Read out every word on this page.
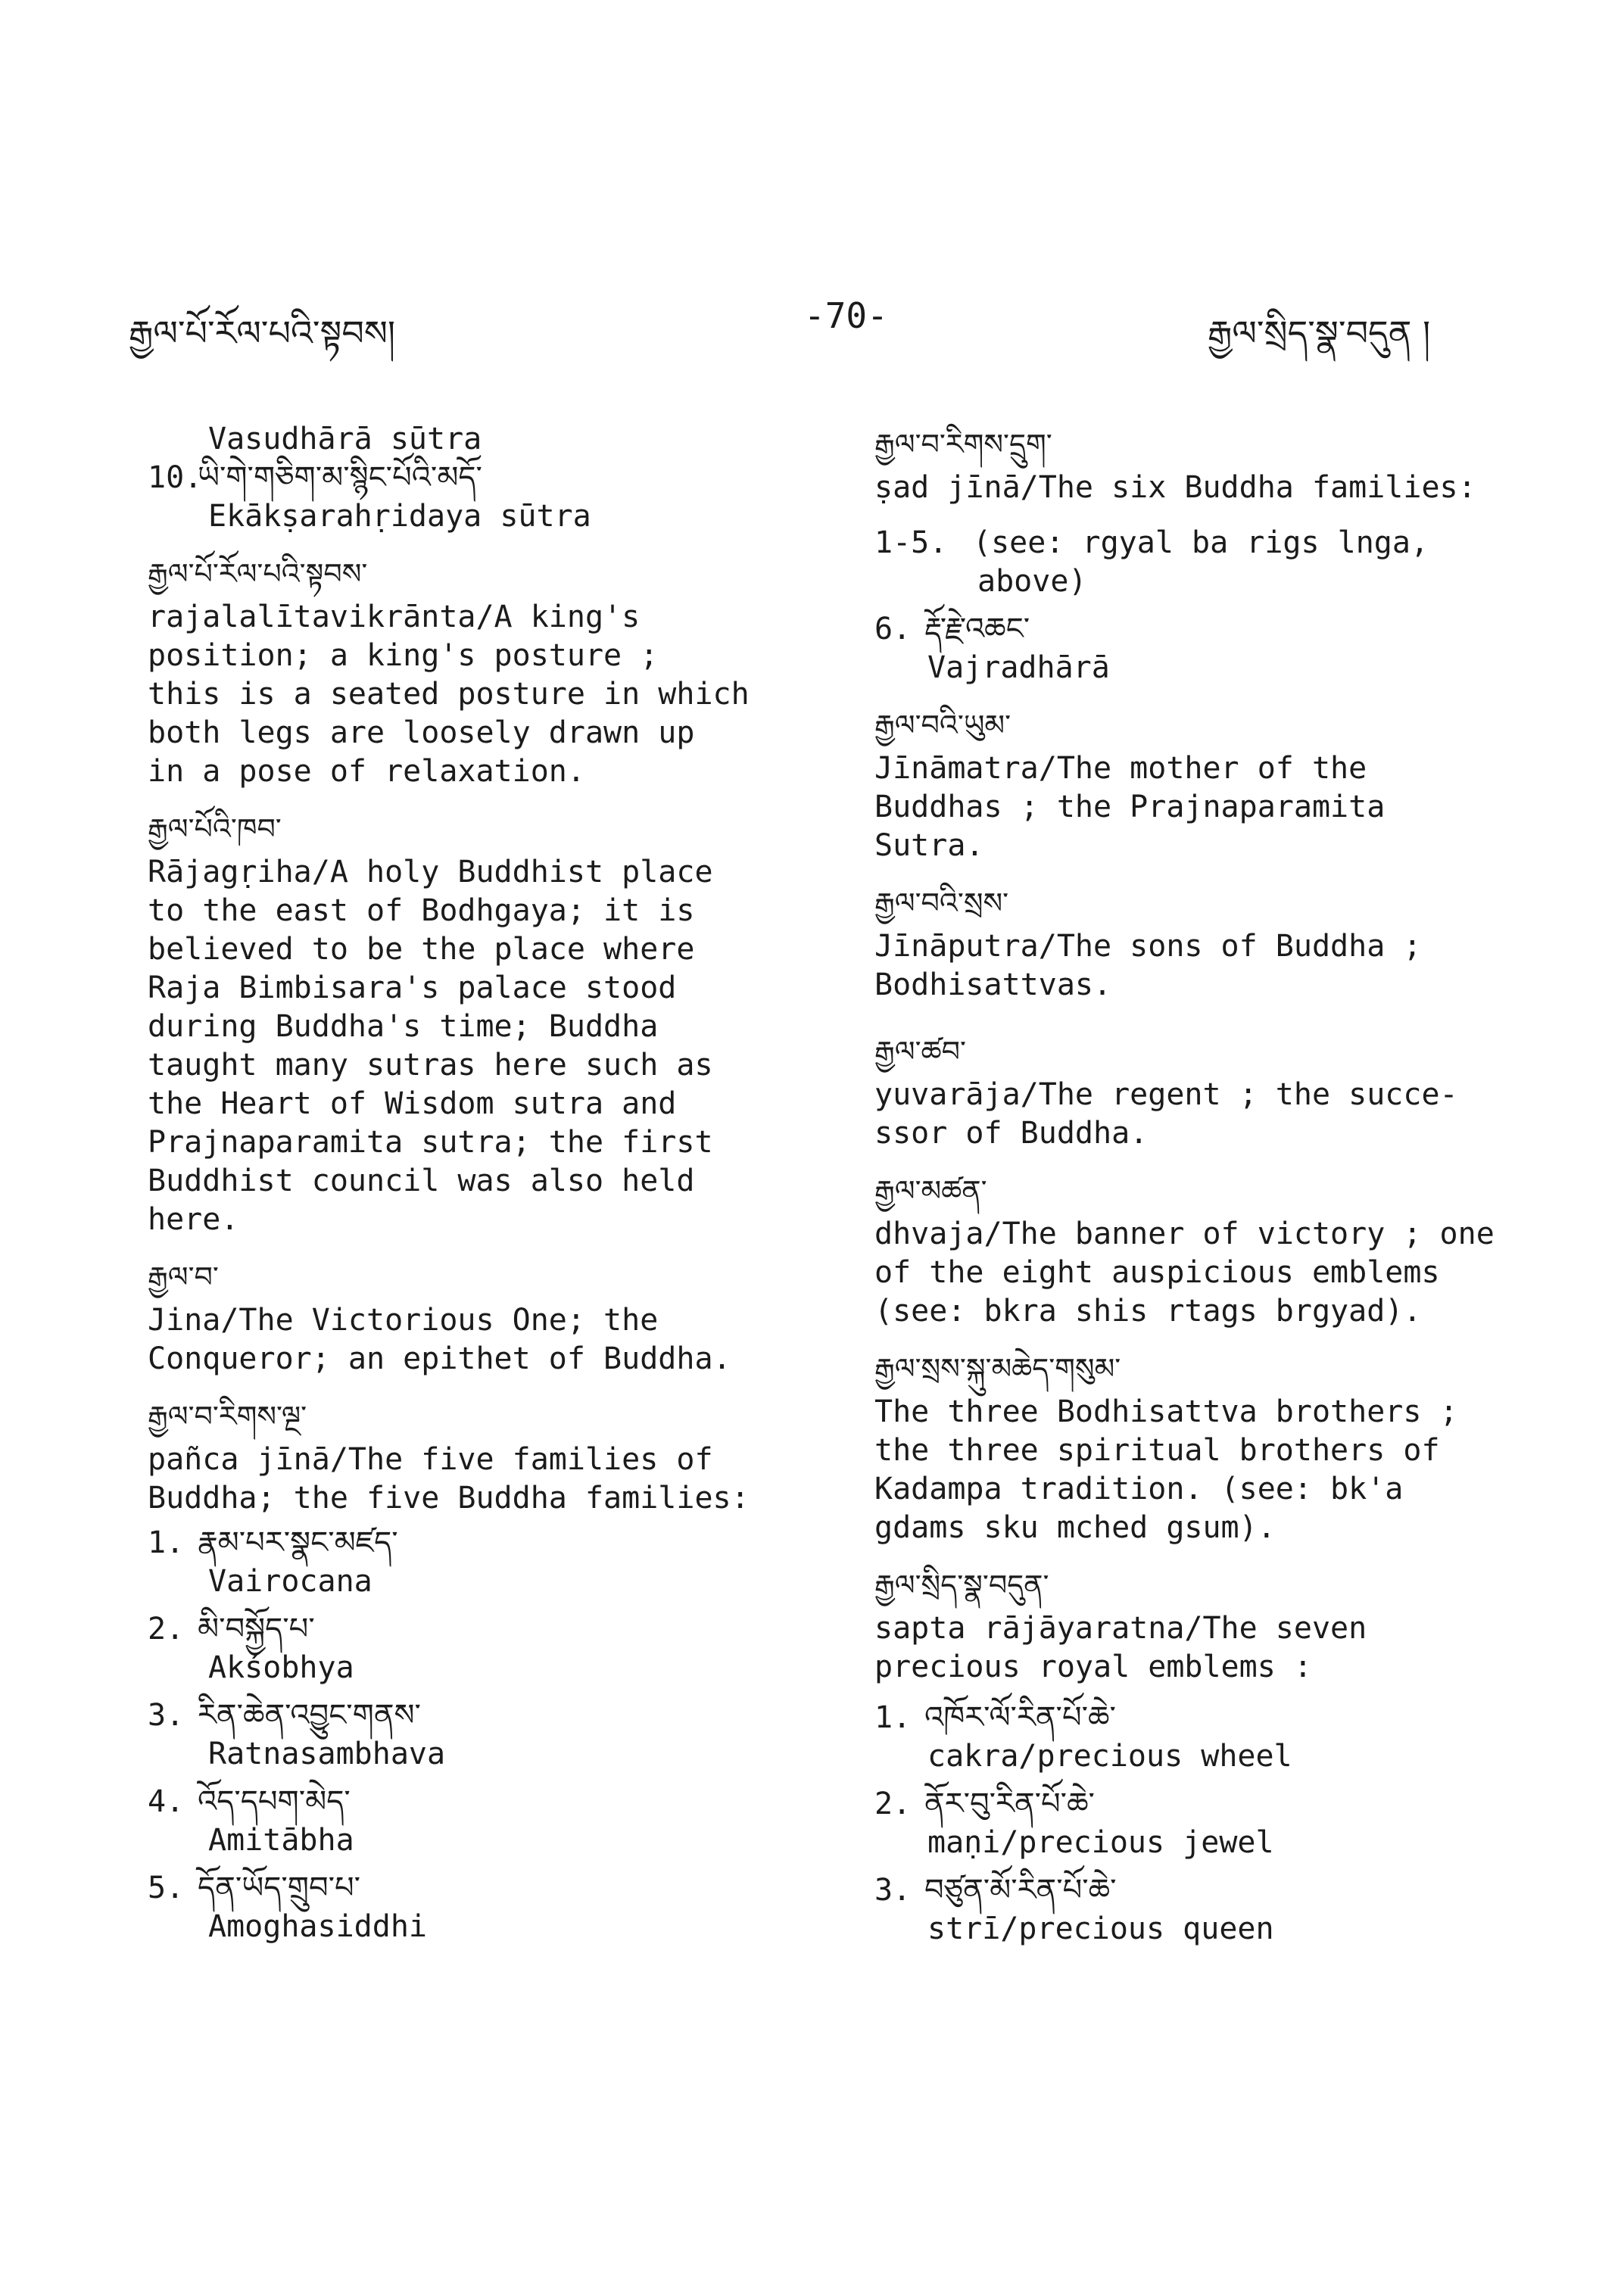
རྒྱལ་པོ་རོལ་པའི་སྟབས།	-70-	རྒྱལ་སྲིད་སྣ་བདུན །
Vasudhārā sūtra
10.ཡི་གེ་གཅིག་མ་སྙིང་པོའི་མདོ་
Ekākṣarahṛidaya sūtra
རྒྱལ་པོ་རོལ་པའི་སྟབས་
rajalalītavikrānta/A king's
position; a king's posture ;
this is a seated posture in which
both legs are loosely drawn up
in a pose of relaxation.
རྒྱལ་པོའི་ཁབ་
Rājagṛiha/A holy Buddhist place
to the east of Bodhgaya; it is
believed to be the place where
Raja Bimbisara's palace stood
during Buddha's time; Buddha
taught many sutras here such as
the Heart of Wisdom sutra and
Prajnaparamita sutra; the first
Buddhist council was also held
here.
རྒྱལ་བ་
Jina/The Victorious One; the
Conqueror; an epithet of Buddha.
རྒྱལ་བ་རིགས་ལྔ་
pañca jīnā/The five families of
Buddha; the five Buddha families:
1. རྣམ་པར་སྣང་མཛད་
Vairocana
2. མི་བསྐྱོད་པ་
Akśobhya
3. རིན་ཆེན་འབྱུང་གནས་
Ratnasambhava
4. འོད་དཔག་མེད་
Amitābha
5. དོན་ཡོད་གྲུབ་པ་
Amoghasiddhi
རྒྱལ་བ་རིགས་དྲུག་
ṣad jīnā/The six Buddha families:
1-5. (see: rgyal ba rigs lnga,
above)
6. རྡོ་རྗེ་འཆང་
Vajradhārā
རྒྱལ་བའི་ཡུམ་
Jīnāmatra/The mother of the
Buddhas ; the Prajnaparamita
Sutra.
རྒྱལ་བའི་སྲས་
Jīnāputra/The sons of Buddha ;
Bodhisattvas.
རྒྱལ་ཚབ་
yuvarāja/The regent ; the succe-
ssor of Buddha.
རྒྱལ་མཚན་
dhvaja/The banner of victory ; one
of the eight auspicious emblems
(see: bkra shis rtags brgyad).
རྒྱལ་སྲས་སྐུ་མཆེད་གསུམ་
The three Bodhisattva brothers ;
the three spiritual brothers of
Kadampa tradition. (see: bk'a
gdams sku mched gsum).
རྒྱལ་སྲིད་སྣ་བདུན་
sapta rājāyaratna/The seven
precious royal emblems :
1. འཁོར་ལོ་རིན་པོ་ཆེ་
cakra/precious wheel
2. ནོར་བུ་རིན་པོ་ཆེ་
maṇi/precious jewel
3. བཙུན་མོ་རིན་པོ་ཆེ་
strī/precious queen
